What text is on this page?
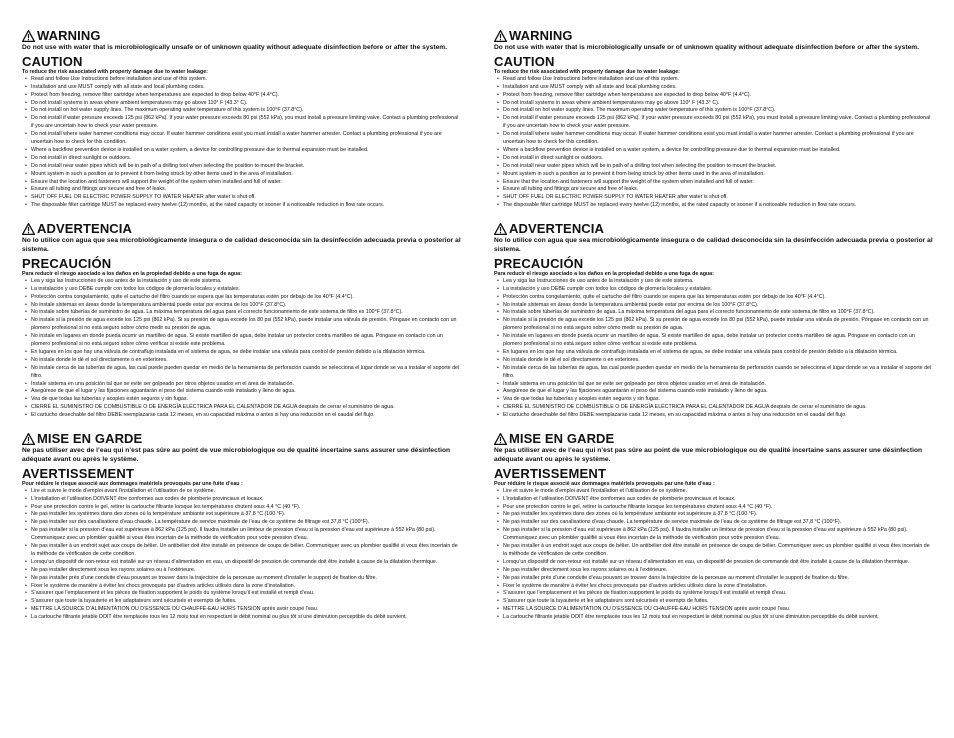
WARNING

Do not use with water that is microbiologically unsafe or of unknown quality without adequate disinfection before or after the system.

CAUTION

To reduce the risk associated with property damage due to water leakage:

• Read and follow Use Instructions before installation and use of this system.
• Installation and use MUST comply with all state and local plumbing codes.
• Protect from freezing, remove filter cartridge when temperatures are expected to drop below 40°F (4.4°C).
• Do not install systems in areas where ambient temperatures may go above 110° F (43.3° C).
• Do not install on hot water supply lines. The maximum operating water temperature of this system is 100°F (37.8°C).
• Do not install if water pressure exceeds 125 psi (862 kPa). If your water pressure exceeds 80 psi (552 kPa), you must install a pressure limiting valve. Contact a plumbing professional if you are uncertain how to check your water pressure.
• Do not install where water hammer conditions may occur. If water hammer conditions exist you must install a water hammer arrester. Contact a plumbing professional if you are uncertain how to check for this condition.
• Where a backflow prevention device is installed on a water system, a device for controlling pressure due to thermal expansion must be installed.
• Do not install in direct sunlight or outdoors.
• Do not install near water pipes which will be in path of a drilling tool when selecting the position to mount the bracket.
• Mount system in such a position as to prevent it from being struck by other items used in the area of installation.
• Ensure that the location and fasteners will support the weight of the system when installed and full of water.
• Ensure all tubing and fittings are secure and free of leaks.
• SHUT OFF FUEL OR ELECTRIC POWER SUPPLY TO WATER HEATER after water is shut off.
• The disposable filter cartridge MUST be replaced every twelve (12) months, at the rated capacity or sooner if a noticeable reduction in flow rate occurs.
ADVERTENCIA

No lo utilice con agua que sea microbiológicamente insegura o de calidad desconocida sin la desinfección adecuada previa o posterior al sistema.

PRECAUCIÓN

Para reducir el riesgo asociado a los daños en la propiedad debido a una fuga de agua:

• Lea y siga las Instrucciones de uso antes de la instalación y uso de este sistema.
• La instalación y uso DEBE cumplir con todos los códigos de plomería locales y estatales.
• Protección contra congelamiento, quite el cartucho del filtro cuando se espera que las temperaturas estén por debajo de los 40°F (4.4°C).
• No instale sistemas en áreas donde la temperatura ambiental puede estar por encima de los 100°F (37.8°C).
• No instale sobre tuberías de suministro de agua. La máxima temperatura del agua para el correcto funcionamiento de este sistema de filtro es 100°F (37.8°C).
• No instale si la presión de agua excede los 125 psi (862 kPa). Si su presión de agua excede los 80 psi (552 kPa), puede instalar una válvula de presión. Póngase en contacto con un plomero profesional si no está seguro sobre cómo medir su presión de agua.
• No instale en lugares en donde pueda ocurrir un martilleo de agua. Si existe martilleo de agua, debe instalar un protector contra martilleo de agua. Póngase en contacto con un plomero profesional si no está seguro sobre cómo verificar si existe este problema.
• En lugares en los que hay una válvula de contraflujo instalada en el sistema de agua, se debe instalar una válvula para control de presión debido a la dilatación térmica.
• No instale donde le dé el sol directamente o en exteriores.
• No instale cerca de las tuberías de agua, las cual puede pueden quedar en medio de la herramienta de perforación cuando se selecciona el lugar donde se va a instalar el soporte del filtro.
• Instale sistema en una posición tal que se evite ser golpeado por otros objetos usados en el área de instalación.
• Asegúrese de que el lugar y las fijaciones aguantarán el peso del sistema cuando esté instalado y lleno de agua.
• Vea de que todas las tuberías y acoples estén seguros y sin fugas.
• CIERRE EL SUMINISTRO DE COMBUSTIBLE O DE ENERGÍA ELÉCTRICA PARA EL CALENTADOR DE AGUA después de cerrar el suministro de agua.
• El cartucho desechable del filtro DEBE reemplazarse cada 12 meses, en su capacidad máxima o antes si hay una reducción en el caudal del flujo.
MISE EN GARDE

Ne pas utiliser avec de l’eau qui n’est pas sûre au point de vue microbiologique ou de qualité incertaine sans assurer une désinfection adéquate avant ou après le système.

AVERTISSEMENT

Pour réduire le risque associé aux dommages matériels provoqués par une fuite d’eau :

• Lire et suivre le mode d’emploi avant l’installation et l’utilisation de ce système.
• L’installation et l’utilisation DOIVENT être conformes aux codes de plomberie provinciaux et locaux.
• Pour une protection contre le gel, retirer la cartouche filtrante lorsque les températures chutent sous 4,4 °C (40 °F).
• Ne pas installer les systèmes dans des zones où la température ambiante est supérieure à 37,8 °C (100 °F).
• Ne pas installer sur des canalisations d’eau chaude. La température de service maximale de l’eau de ce système de filtrage est 37,8 °C (100°F).
• Ne pas installer si la pression d’eau est supérieure à 862 kPa (125 psi). Il faudra installer un limiteur de pression d’eau si la pression d’eau est supérieure à 552 kPa (80 psi). Communiquez avec un plombier qualifié si vous êtes incertain de la méthode de vérification pour votre pression d’eau.
• Ne pas installer à un endroit sujet aux coups de bélier. Un antibélier doit être installé en présence de coups de bélier. Communiquer avec un plombier qualifié si vous êtes incertain de la méthode de vérification de cette condition.
• Lorsqu’un dispositif de non-retour est installé sur un réseau d’alimentation en eau, un dispositif de pression de commande doit être installé à cause de la dilatation thermique.
• Ne pas installer directement sous les rayons solaires ou à l’extérieure.
• Ne pas installer près d’une conduite d’eau pouvant se trouver dans la trajectoire de la perceuse au moment d’installer le support de fixation du filtre.
• Fixer le système de manière à éviter les chocs provoqués par d’autres articles utilisés dans la zone d’installation.
• S’assurer que l’emplacement et les pièces de fixation supportent le poids du système lorsqu’il est installé et rempli d’eau.
• S’assurer que toute la tuyauterie et les adaptateurs sont sécurisés et exempts de fuites.
• METTRE LA SOURCE D’ALIMENTATION OU D’ESSENCE DU CHAUFFE-EAU HORS TENSION après avoir coupé l’eau.
• La cartouche filtrante jetable DOIT être remplacée tous les 12 mois tout en respectant le débit nominal ou plus tôt si une diminution perceptible du débit survient.
WARNING

Do not use with water that is microbiologically unsafe or of unknown quality without adequate disinfection before or after the system.

CAUTION

To reduce the risk associated with property damage due to water leakage:

• Read and follow Use Instructions before installation and use of this system.
• Installation and use MUST comply with all state and local plumbing codes.
• Protect from freezing, remove filter cartridge when temperatures are expected to drop below 40°F (4.4°C).
• Do not install systems in areas where ambient temperatures may go above 110° F (43.3° C).
• Do not install on hot water supply lines. The maximum operating water temperature of this system is 100°F (37.8°C).
• Do not install if water pressure exceeds 125 psi (862 kPa). If your water pressure exceeds 80 psi (552 kPa), you must install a pressure limiting valve. Contact a plumbing professional if you are uncertain how to check your water pressure.
• Do not install where water hammer conditions may occur. If water hammer conditions exist you must install a water hammer arrester. Contact a plumbing professional if you are uncertain how to check for this condition.
• Where a backflow prevention device is installed on a water system, a device for controlling pressure due to thermal expansion must be installed.
• Do not install in direct sunlight or outdoors.
• Do not install near water pipes which will be in path of a drilling tool when selecting the position to mount the bracket.
• Mount system in such a position as to prevent it from being struck by other items used in the area of installation.
• Ensure that the location and fasteners will support the weight of the system when installed and full of water.
• Ensure all tubing and fittings are secure and free of leaks.
• SHUT OFF FUEL OR ELECTRIC POWER SUPPLY TO WATER HEATER after water is shut off.
• The disposable filter cartridge MUST be replaced every twelve (12) months, at the rated capacity or sooner if a noticeable reduction in flow rate occurs.
ADVERTENCIA

No lo utilice con agua que sea microbiológicamente insegura o de calidad desconocida sin la desinfección adecuada previa o posterior al sistema.

PRECAUCIÓN

Para reducir el riesgo asociado a los daños en la propiedad debido a una fuga de agua:

• Lea y siga las Instrucciones de uso antes de la instalación y uso de este sistema.
• La instalación y uso DEBE cumplir con todos los códigos de plomería locales y estatales.
• Protección contra congelamiento, quite el cartucho del filtro cuando se espera que las temperaturas estén por debajo de los 40°F (4.4°C).
• No instale sistemas en áreas donde la temperatura ambiental puede estar por encima de los 100°F (37.8°C).
• No instale sobre tuberías de suministro de agua. La máxima temperatura del agua para el correcto funcionamiento de este sistema de filtro es 100°F (37.8°C).
• No instale si la presión de agua excede los 125 psi (862 kPa). Si su presión de agua excede los 80 psi (552 kPa), puede instalar una válvula de presión. Póngase en contacto con un plomero profesional si no está seguro sobre cómo medir su presión de agua.
• No instale en lugares en donde pueda ocurrir un martilleo de agua. Si existe martilleo de agua, debe instalar un protector contra martilleo de agua. Póngase en contacto con un plomero profesional si no está seguro sobre cómo verificar si existe este problema.
• En lugares en los que hay una válvula de contraflujo instalada en el sistema de agua, se debe instalar una válvula para control de presión debido a la dilatación térmica.
• No instale donde le dé el sol directamente o en exteriores.
• No instale cerca de las tuberías de agua, las cual puede pueden quedar en medio de la herramienta de perforación cuando se selecciona el lugar donde se va a instalar el soporte del filtro.
• Instale sistema en una posición tal que se evite ser golpeado por otros objetos usados en el área de instalación.
• Asegúrese de que el lugar y las fijaciones aguantarán el peso del sistema cuando esté instalado y lleno de agua.
• Vea de que todas las tuberías y acoples estén seguros y sin fugas.
• CIERRE EL SUMINISTRO DE COMBUSTIBLE O DE ENERGÍA ELÉCTRICA PARA EL CALENTADOR DE AGUA después de cerrar el suministro de agua.
• El cartucho desechable del filtro DEBE reemplazarse cada 12 meses, en su capacidad máxima o antes si hay una reducción en el caudal del flujo.
MISE EN GARDE

Ne pas utiliser avec de l’eau qui n’est pas sûre au point de vue microbiologique ou de qualité incertaine sans assurer une désinfection adéquate avant ou après le système.

AVERTISSEMENT

Pour réduire le risque associé aux dommages matériels provoqués par une fuite d’eau :

• Lire et suivre le mode d’emploi avant l’installation et l’utilisation de ce système.
• L’installation et l’utilisation DOIVENT être conformes aux codes de plomberie provinciaux et locaux.
• Pour une protection contre le gel, retirer la cartouche filtrante lorsque les températures chutent sous 4,4 °C (40 °F).
• Ne pas installer les systèmes dans des zones où la température ambiante est supérieure à 37,8 °C (100 °F).
• Ne pas installer sur des canalisations d’eau chaude. La température de service maximale de l’eau de ce système de filtrage est 37,8 °C (100°F).
• Ne pas installer si la pression d’eau est supérieure à 862 kPa (125 psi). Il faudra installer un limiteur de pression d’eau si la pression d’eau est supérieure à 552 kPa (80 psi). Communiquez avec un plombier qualifié si vous êtes incertain de la méthode de vérification pour votre pression d’eau.
• Ne pas installer à un endroit sujet aux coups de bélier. Un antibélier doit être installé en présence de coups de bélier. Communiquer avec un plombier qualifié si vous êtes incertain de la méthode de vérification de cette condition.
• Lorsqu’un dispositif de non-retour est installé sur un réseau d’alimentation en eau, un dispositif de pression de commande doit être installé à cause de la dilatation thermique.
• Ne pas installer directement sous les rayons solaires ou à l’extérieure.
• Ne pas installer près d’une conduite d’eau pouvant se trouver dans la trajectoire de la perceuse au moment d’installer le support de fixation du filtre.
• Fixer le système de manière à éviter les chocs provoqués par d’autres articles utilisés dans la zone d’installation.
• S’assurer que l’emplacement et les pièces de fixation supportent le poids du système lorsqu’il est installé et rempli d’eau.
• S’assurer que toute la tuyauterie et les adaptateurs sont sécurisés et exempts de fuites.
• METTRE LA SOURCE D’ALIMENTATION OU D’ESSENCE DU CHAUFFE-EAU HORS TENSION après avoir coupé l’eau.
• La cartouche filtrante jetable DOIT être remplacée tous les 12 mois tout en respectant le débit nominal ou plus tôt si une diminution perceptible du débit survient.
